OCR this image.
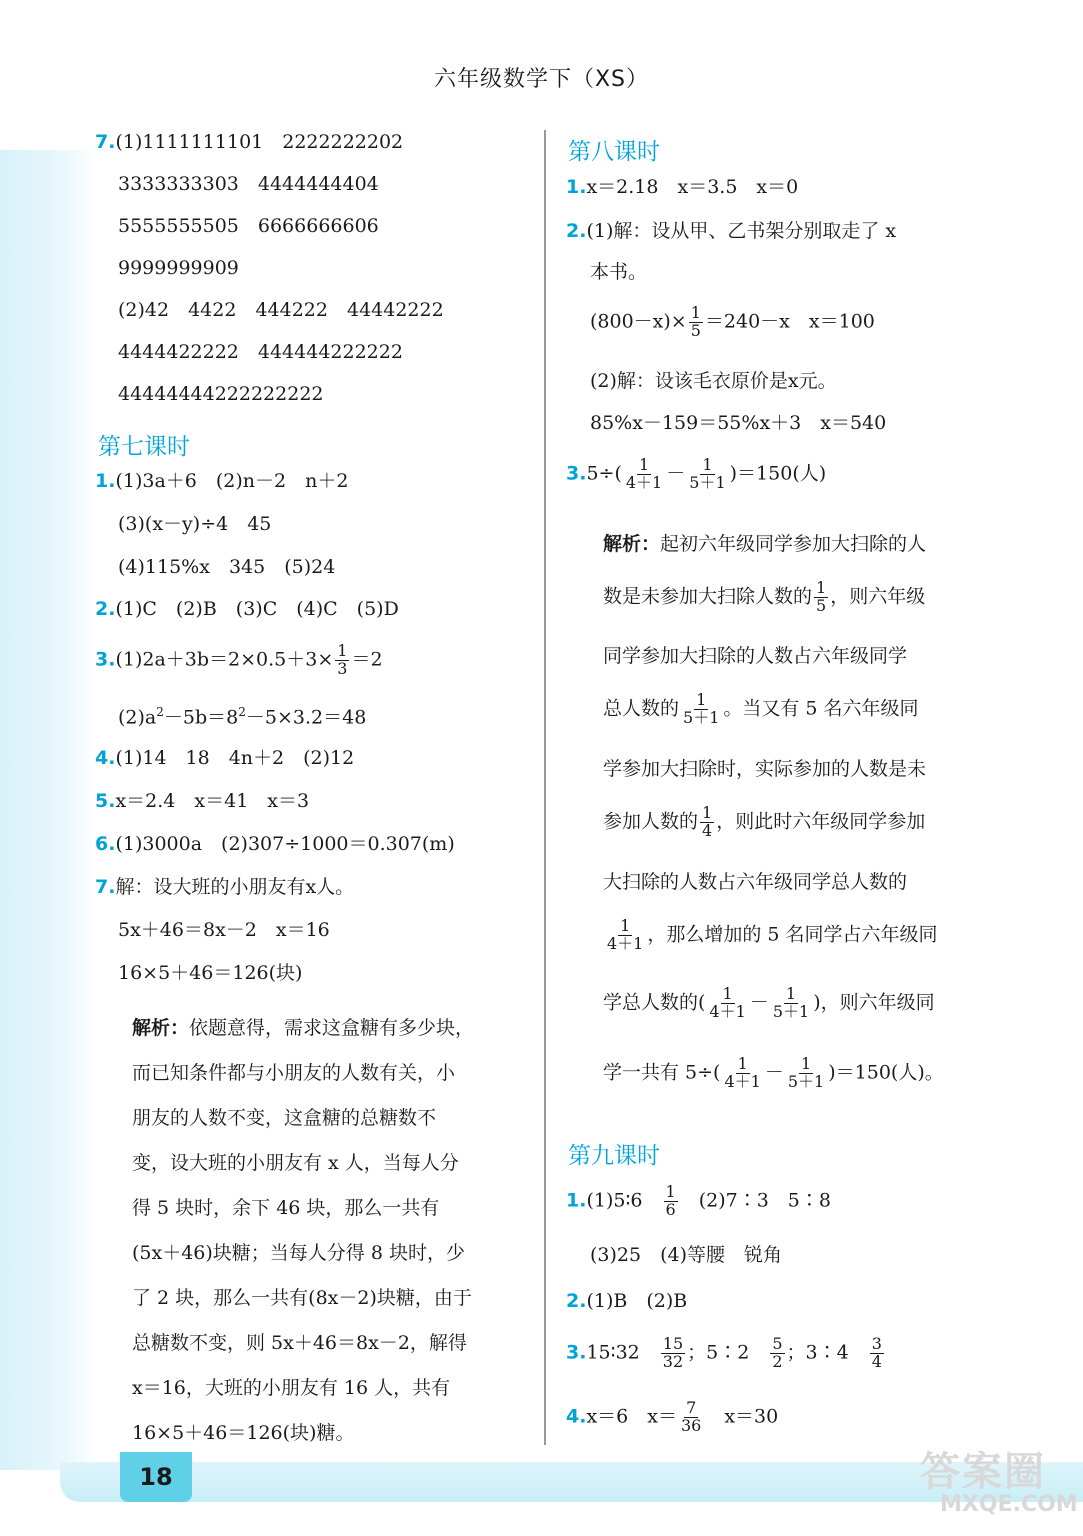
18
六年级数学下（XS）
7.(1)1111111101　2222222202
3333333303　4444444404
5555555505　6666666606
9999999909
(2)42　4422　444222　44442222
4444422222　444444222222
44444444222222222
第七课时
1.(1)3a＋6　(2)n－2　n＋2
(3)(x－y)÷4　45
(4)115%x　345　(5)24
2.(1)C　(2)B　(3)C　(4)C　(5)D
$3.(1)2a+3b=2\times 0.5+3\times \frac{1}{3} =2$
$(2)a^2-5b=8^2-5\times 3.2=48$
4.(1)14　18　4n＋2　(2)12
5.x＝2.4　x＝41　x＝3
6.(1)3000a　(2)307÷1000＝0.307(m)
7.解：设大班的小朋友有x人。
5x＋46＝8x－2　x＝16
16×5＋46＝126(块)
解析：依题意得，需求这盒糖有多少块，
而已知条件都与小朋友的人数有关，小
朋友的人数不变，这盒糖的总糖数不
变，设大班的小朋友有 x 人，当每人分
得 5 块时，余下 46 块，那么一共有
(5x＋46)块糖；当每人分得 8 块时，少
了 2 块，那么一共有(8x－2)块糖，由于
总糖数不变，则 5x＋46＝8x－2，解得
x＝16，大班的小朋友有 16 人，共有
16×5＋46＝126(块)糖。
第八课时
1.x＝2.18　x＝3.5　x＝0
2.(1)解：设从甲、乙书架分别取走了 x
本书。
$(800-x)\times \frac{1}{5} =240-x$　x＝100
(2)解：设该毛衣原价是x元。
85%x－159＝55%x＋3　x＝540
$3.5\div( \frac{1}{4+1} - \frac{1}{5+1} )=150$(人)
解析：起初六年级同学参加大扫除的人
数是未参加大扫除人数的 $\frac{1}{5}$ ，则六年级
同学参加大扫除的人数占六年级同学
总人数的 $\frac{1}{5+1}$ 。当又有 5 名六年级同
学参加大扫除时，实际参加的人数是未
参加人数的 $\frac{1}{4}$ ，则此时六年级同学参加
大扫除的人数占六年级同学总人数的
$\frac{1}{4+1}$ ，那么增加的 5 名同学占六年级同
学总人数的( $\frac{1}{4+1} - \frac{1}{5+1}$ )，则六年级同
学一共有 $5\div( \frac{1}{4+1} - \frac{1}{5+1} )=150$(人)。
第九课时
1.(1)5∶6　 $\frac{1}{6}$ 　(2)7∶3　5∶8
(3)25　(4)等腰　锐角
2.(1)B　(2)B
3.15∶32　 $\frac{15}{32}$ ；5∶2　 $\frac{5}{2}$ ；3∶4　 $\frac{3}{4}$
4.x＝6　$x= \frac{7}{36}$ 　x＝30
答案圈
MXQE.COM
